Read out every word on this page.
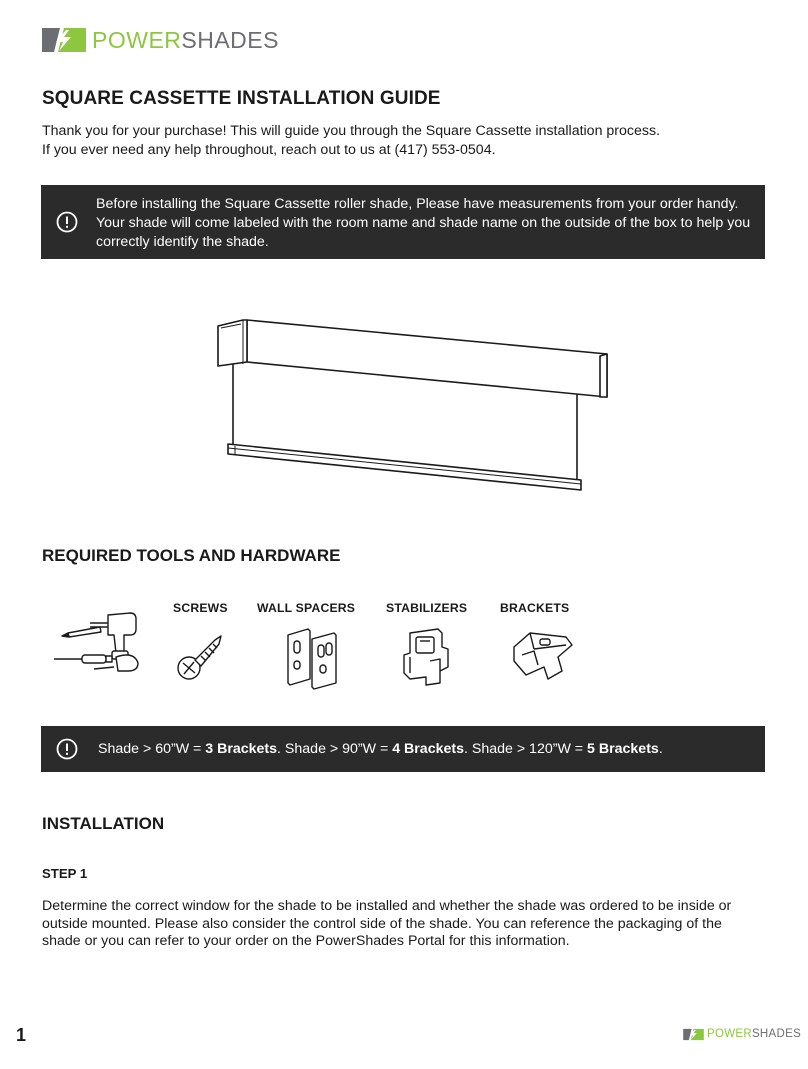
POWERSHADES
SQUARE CASSETTE INSTALLATION GUIDE

Thank you for your purchase! This will guide you through the Square Cassette installation process.
If you ever need any help throughout, reach out to us at (417) 553-0504.

Before installing the Square Cassette roller shade, Please have measurements from your order handy. Your shade will come labeled with the room name and shade name on the outside of the box to help you correctly identify the shade.
REQUIRED TOOLS AND HARDWARE
SCREWS WALL SPACERS	STABILIZERS	BRACKETS
Shade > 60”W = 3 Brackets. Shade > 90”W = 4 Brackets. Shade > 120”W = 5 Brackets.
INSTALLATION
STEP 1

Determine the correct window for the shade to be installed and whether the shade was ordered to be inside or outside mounted. Please also consider the control side of the shade. You can reference the packaging of the shade or you can refer to your order on the PowerShades Portal for this information.

1	POWERSHADES
